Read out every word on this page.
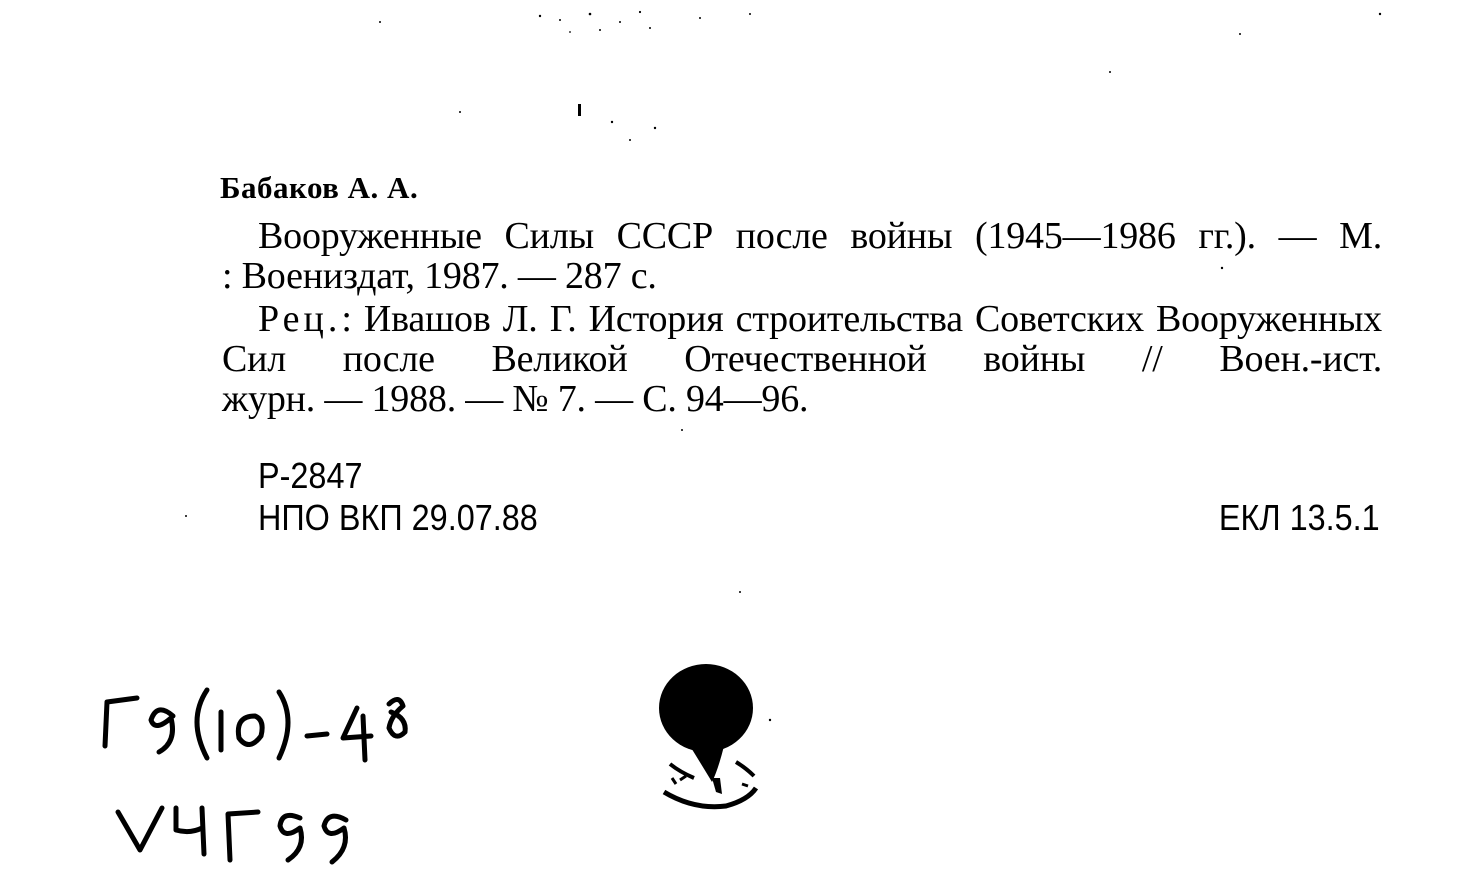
Бабаков А. А.
Вооруженные Силы СССР после войны (1945—1986 гг.). — М.
: Воениздат, 1987. — 287 с.
Рец.: Ивашов Л. Г. История строительства Советских Вооруженных
Сил после Великой Отечественной войны // Воен.-ист.
журн. — 1988. — № 7. — С. 94—96.
Р-2847
НПО ВКП 29.07.88	ЕКЛ 13.5.1
